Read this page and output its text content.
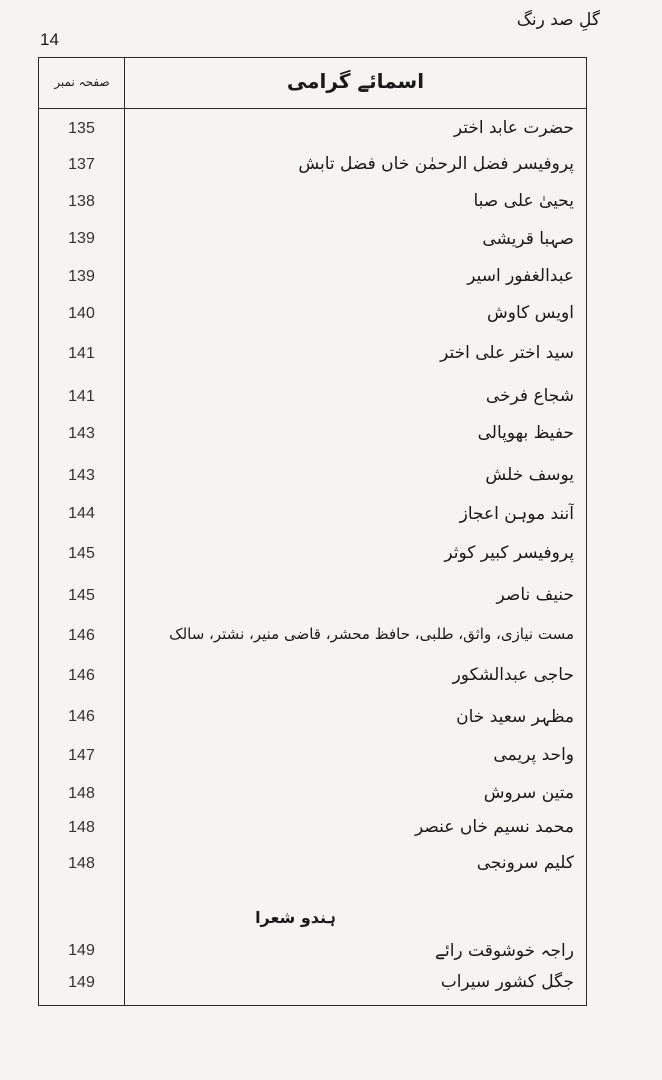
گلِ صد رنگ
14
صفحہ نمبر	اسمائے گرامی
135	حضرت عابد اختر
137	پروفیسر فضل الرحمٰن خاں فضل تابش
138	یحییٰ علی صبا
139	صہبا قریشی
139	عبدالغفور اسیر
140	اویس کاوش
141	سید اختر علی اختر
141	شجاع فرخی
143	حفیظ بھوپالی
143	یوسف خلش
144	آنند موہن اعجاز
145	پروفیسر کبیر کوثر
145	حنیف ناصر
146	مست نیازی، واثق، طلبی، حافظ محشر، قاضی منیر، نشتر، سالک
146	حاجی عبدالشکور
146	مظہر سعید خان
147	واحد پریمی
148	متین سروش
148	محمد نسیم خاں عنصر
148	کلیم سرونجی
ہندو شعرا
149	راجہ خوشوقت رائے
149	جگل کشور سیراب
